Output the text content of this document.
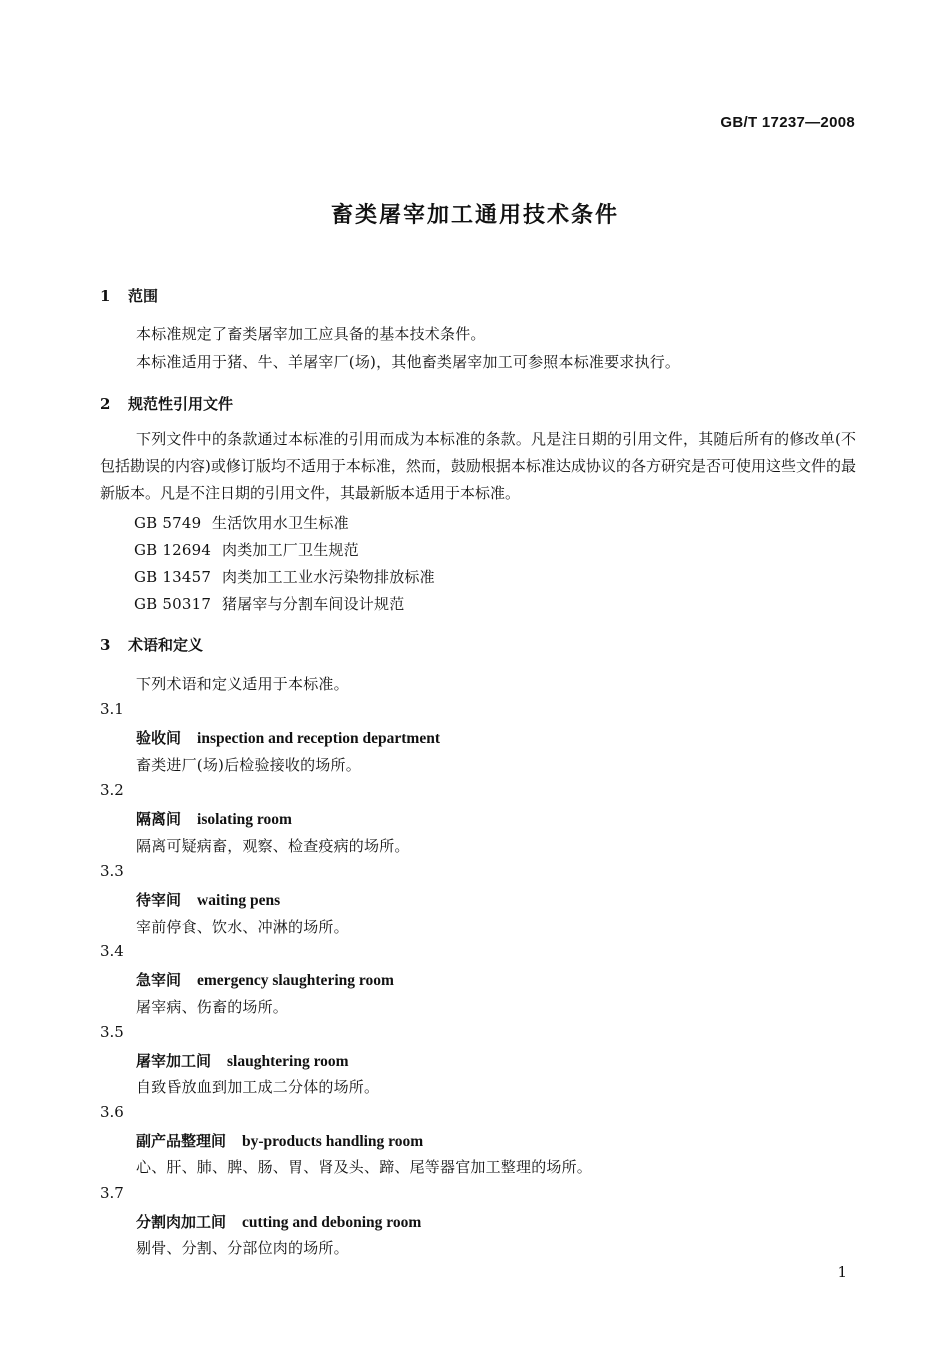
GB/T 17237—2008
畜类屠宰加工通用技术条件
1 范围
本标准规定了畜类屠宰加工应具备的基本技术条件。
本标准适用于猪、牛、羊屠宰厂(场)，其他畜类屠宰加工可参照本标准要求执行。
2 规范性引用文件
下列文件中的条款通过本标准的引用而成为本标准的条款。凡是注日期的引用文件，其随后所有的修改单(不包括勘误的内容)或修订版均不适用于本标准，然而，鼓励根据本标准达成协议的各方研究是否可使用这些文件的最新版本。凡是不注日期的引用文件，其最新版本适用于本标准。
GB 5749 生活饮用水卫生标准
GB 12694 肉类加工厂卫生规范
GB 13457 肉类加工工业水污染物排放标准
GB 50317 猪屠宰与分割车间设计规范
3 术语和定义
下列术语和定义适用于本标准。
3.1
验收间 inspection and reception department
畜类进厂(场)后检验接收的场所。
3.2
隔离间 isolating room
隔离可疑病畜，观察、检查疫病的场所。
3.3
待宰间 waiting pens
宰前停食、饮水、冲淋的场所。
3.4
急宰间 emergency slaughtering room
屠宰病、伤畜的场所。
3.5
屠宰加工间 slaughtering room
自致昏放血到加工成二分体的场所。
3.6
副产品整理间 by-products handling room
心、肝、肺、脾、肠、胃、肾及头、蹄、尾等器官加工整理的场所。
3.7
分割肉加工间 cutting and deboning room
剔骨、分割、分部位肉的场所。
1
